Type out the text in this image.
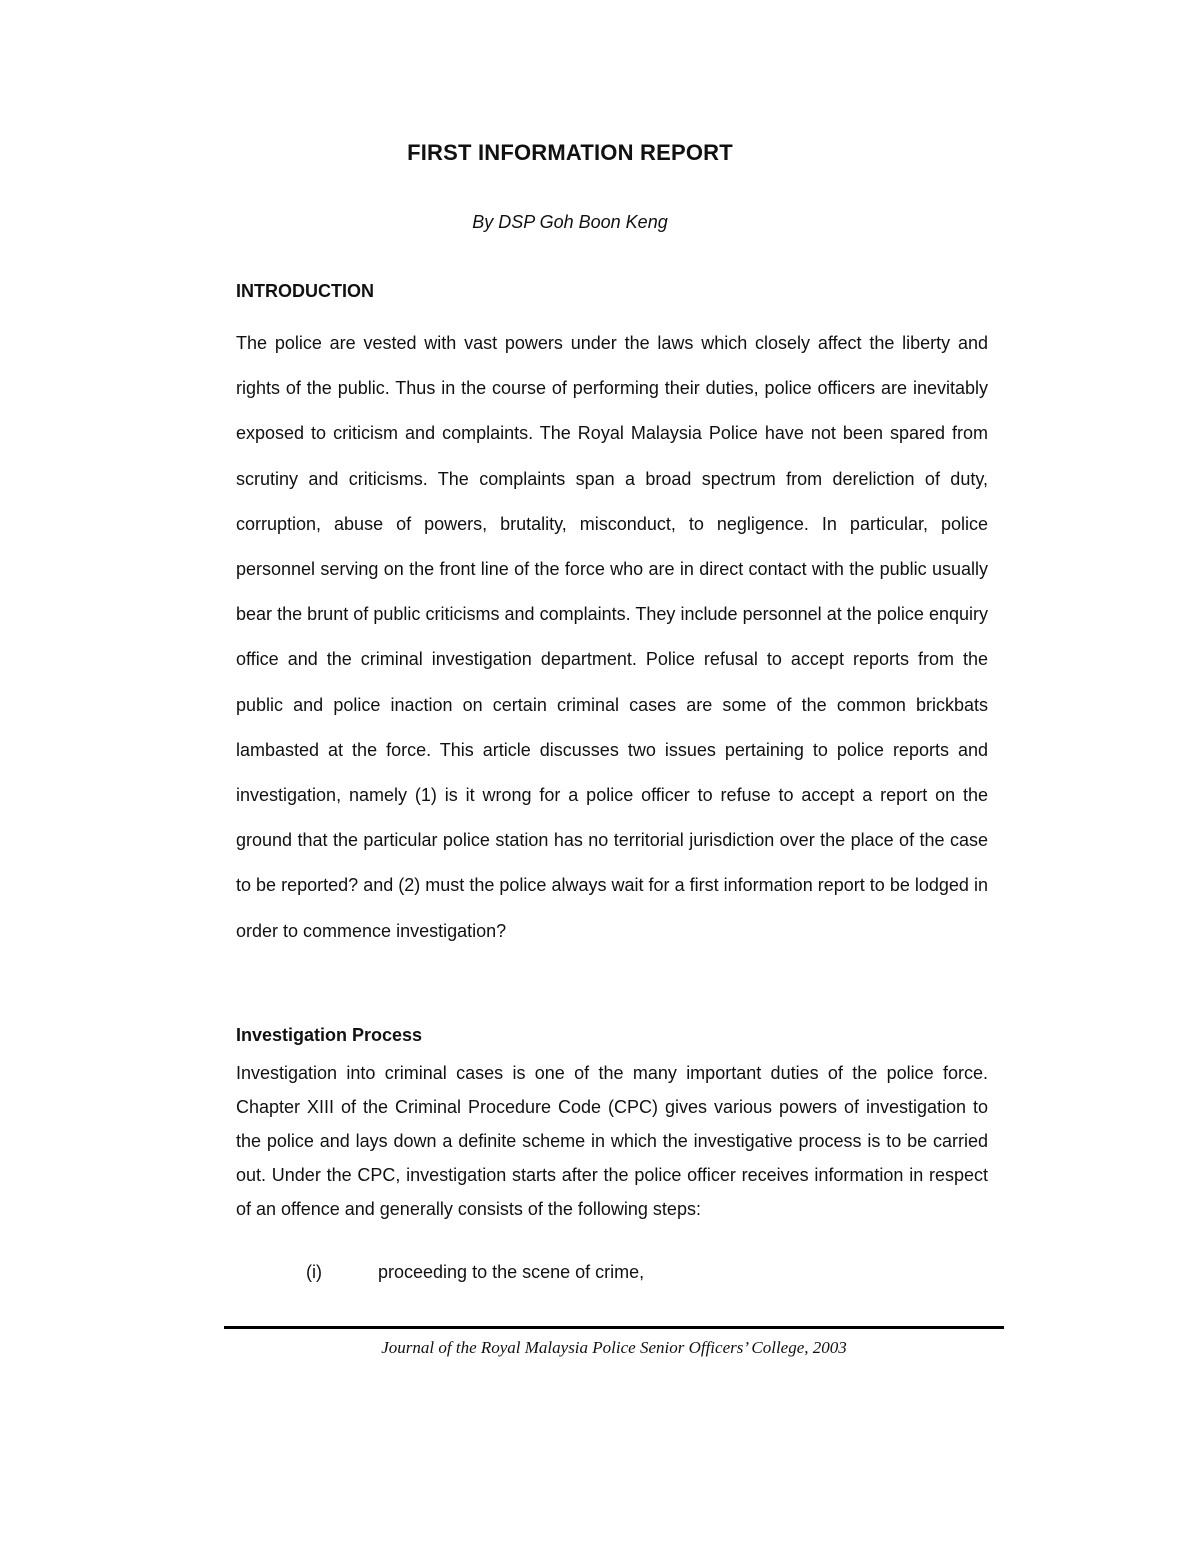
FIRST INFORMATION REPORT
By DSP Goh Boon Keng
INTRODUCTION

The police are vested with vast powers under the laws which closely affect the liberty and rights of the public. Thus in the course of performing their duties, police officers are inevitably exposed to criticism and complaints. The Royal Malaysia Police have not been spared from scrutiny and criticisms. The complaints span a broad spectrum from dereliction of duty, corruption, abuse of powers, brutality, misconduct, to negligence. In particular, police personnel serving on the front line of the force who are in direct contact with the public usually bear the brunt of public criticisms and complaints. They include personnel at the police enquiry office and the criminal investigation department. Police refusal to accept reports from the public and police inaction on certain criminal cases are some of the common brickbats lambasted at the force. This article discusses two issues pertaining to police reports and investigation, namely (1) is it wrong for a police officer to refuse to accept a report on the ground that the particular police station has no territorial jurisdiction over the place of the case to be reported? and (2) must the police always wait for a first information report to be lodged in order to commence investigation?

Investigation Process

Investigation into criminal cases is one of the many important duties of the police force. Chapter XIII of the Criminal Procedure Code (CPC) gives various powers of investigation to the police and lays down a definite scheme in which the investigative process is to be carried out. Under the CPC, investigation starts after the police officer receives information in respect of an offence and generally consists of the following steps:

(i)	proceeding to the scene of crime,
Journal of the Royal Malaysia Police Senior Officers’ College, 2003
